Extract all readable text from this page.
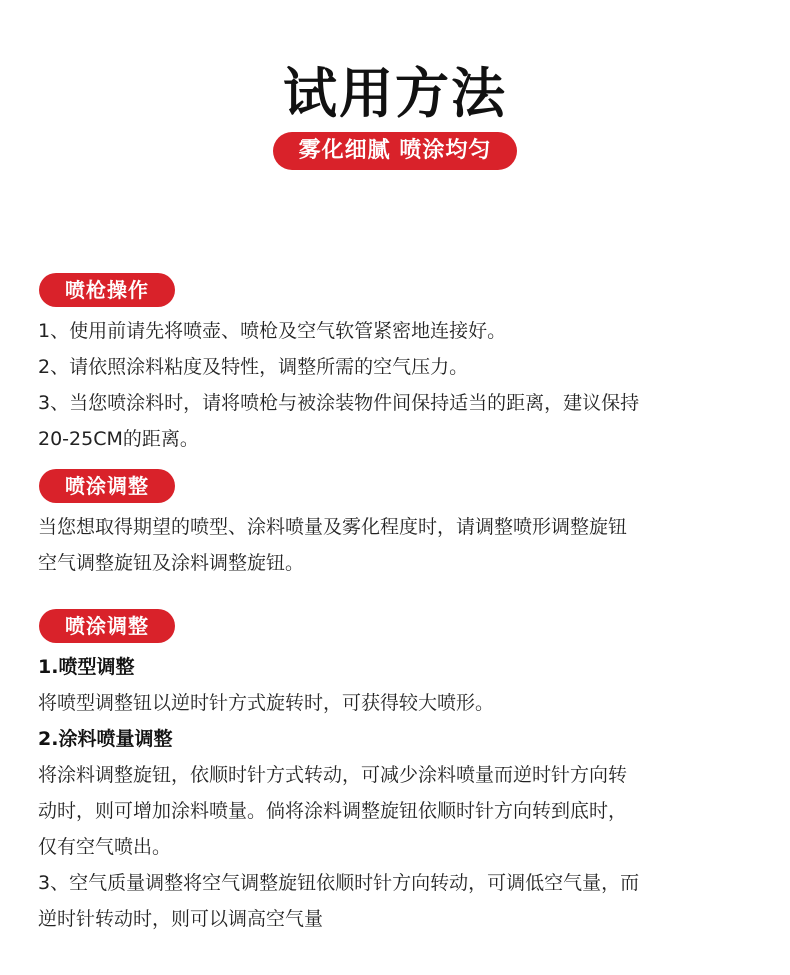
试用方法
雾化细腻 喷涂均匀
喷枪操作

1、使用前请先将喷壶、喷枪及空气软管紧密地连接好。

2、请依照涂料粘度及特性，调整所需的空气压力。

3、当您喷涂料时，请将喷枪与被涂装物件间保持适当的距离，建议保持

20-25CM的距离。

喷涂调整

当您想取得期望的喷型、涂料喷量及雾化程度时，请调整喷形调整旋钮

空气调整旋钮及涂料调整旋钮。

喷涂调整

1.喷型调整

将喷型调整钮以逆时针方式旋转时，可获得较大喷形。

2.涂料喷量调整

将涂料调整旋钮，依顺时针方式转动，可减少涂料喷量而逆时针方向转

动时，则可增加涂料喷量。倘将涂料调整旋钮依顺时针方向转到底时，

仅有空气喷出。

3、空气质量调整将空气调整旋钮依顺时针方向转动，可调低空气量，而

逆时针转动时，则可以调高空气量
